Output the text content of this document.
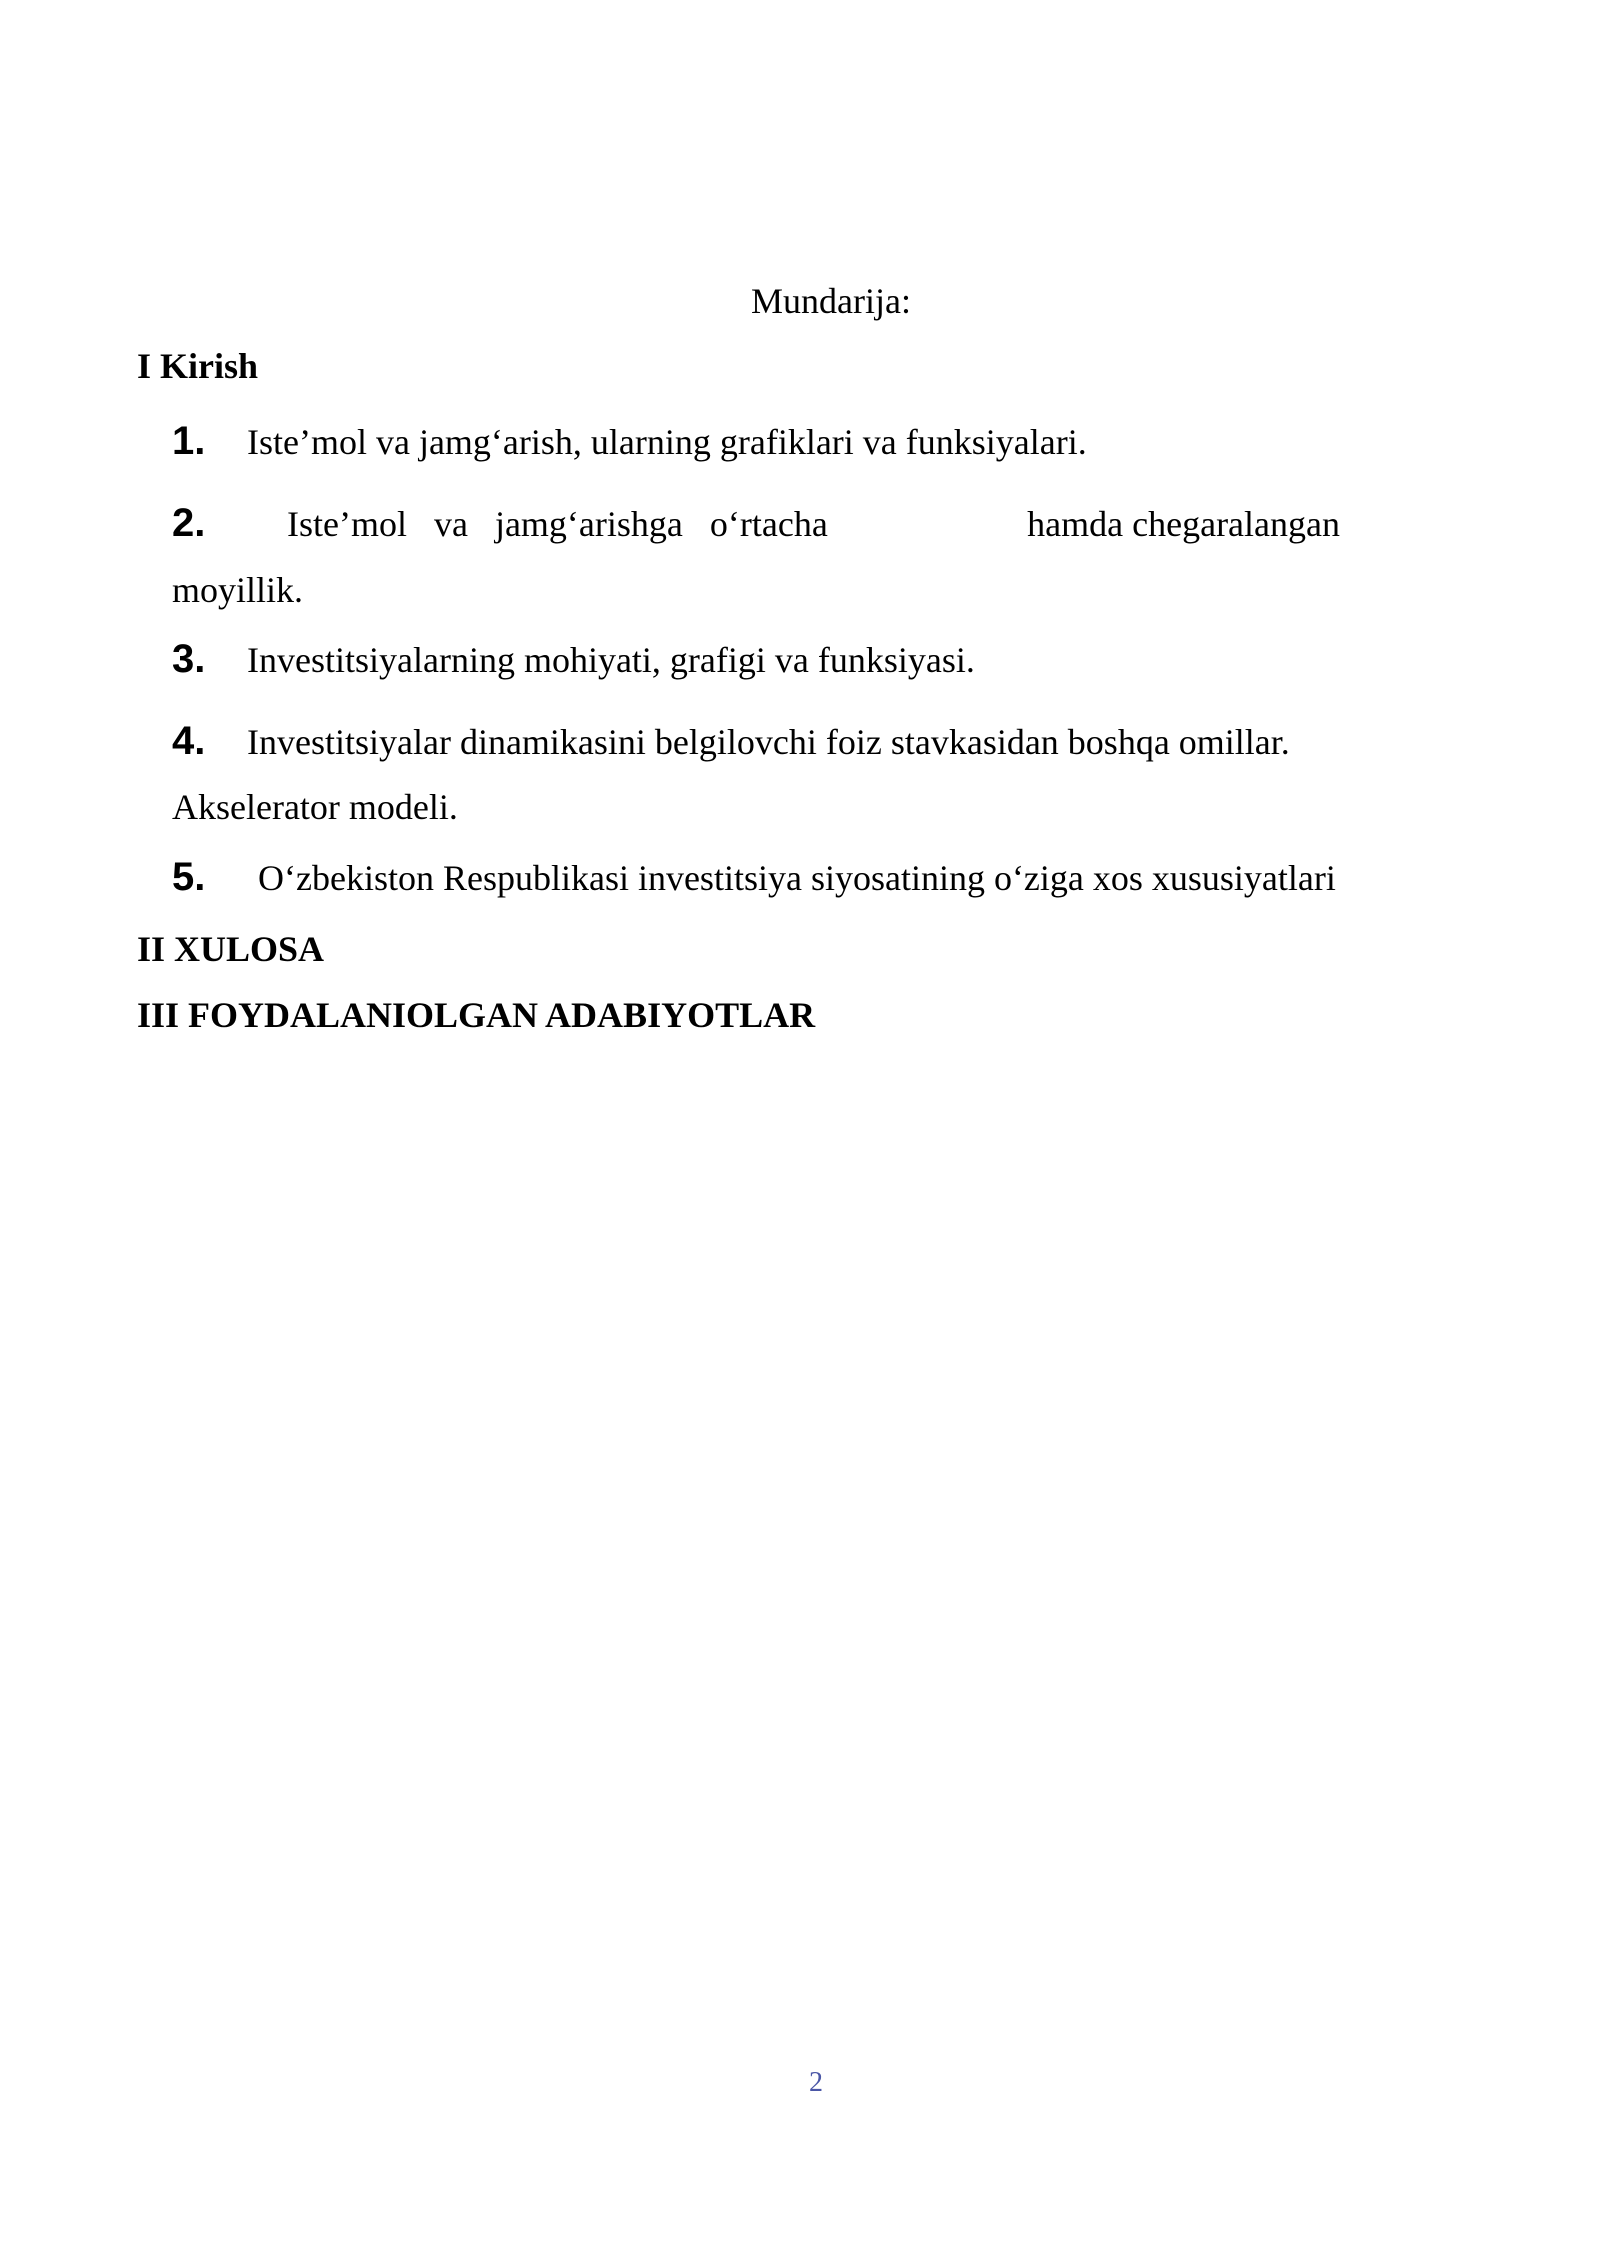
Mundarija:
I Kirish
1. Iste’mol va jamg‘arish, ularning grafiklari va funksiyalari.
2.	Iste’mol va jamg‘arishga o‘rtacha	hamda chegaralangan
moyillik.
3. Investitsiyalarning mohiyati, grafigi va funksiyasi.
4. Investitsiyalar dinamikasini belgilovchi foiz stavkasidan boshqa omillar.
Akselerator modeli.
5. O‘zbekiston Respublikasi investitsiya siyosatining o‘ziga xos xususiyatlari
II XULOSA
III FOYDALANIOLGAN ADABIYOTLAR
2
